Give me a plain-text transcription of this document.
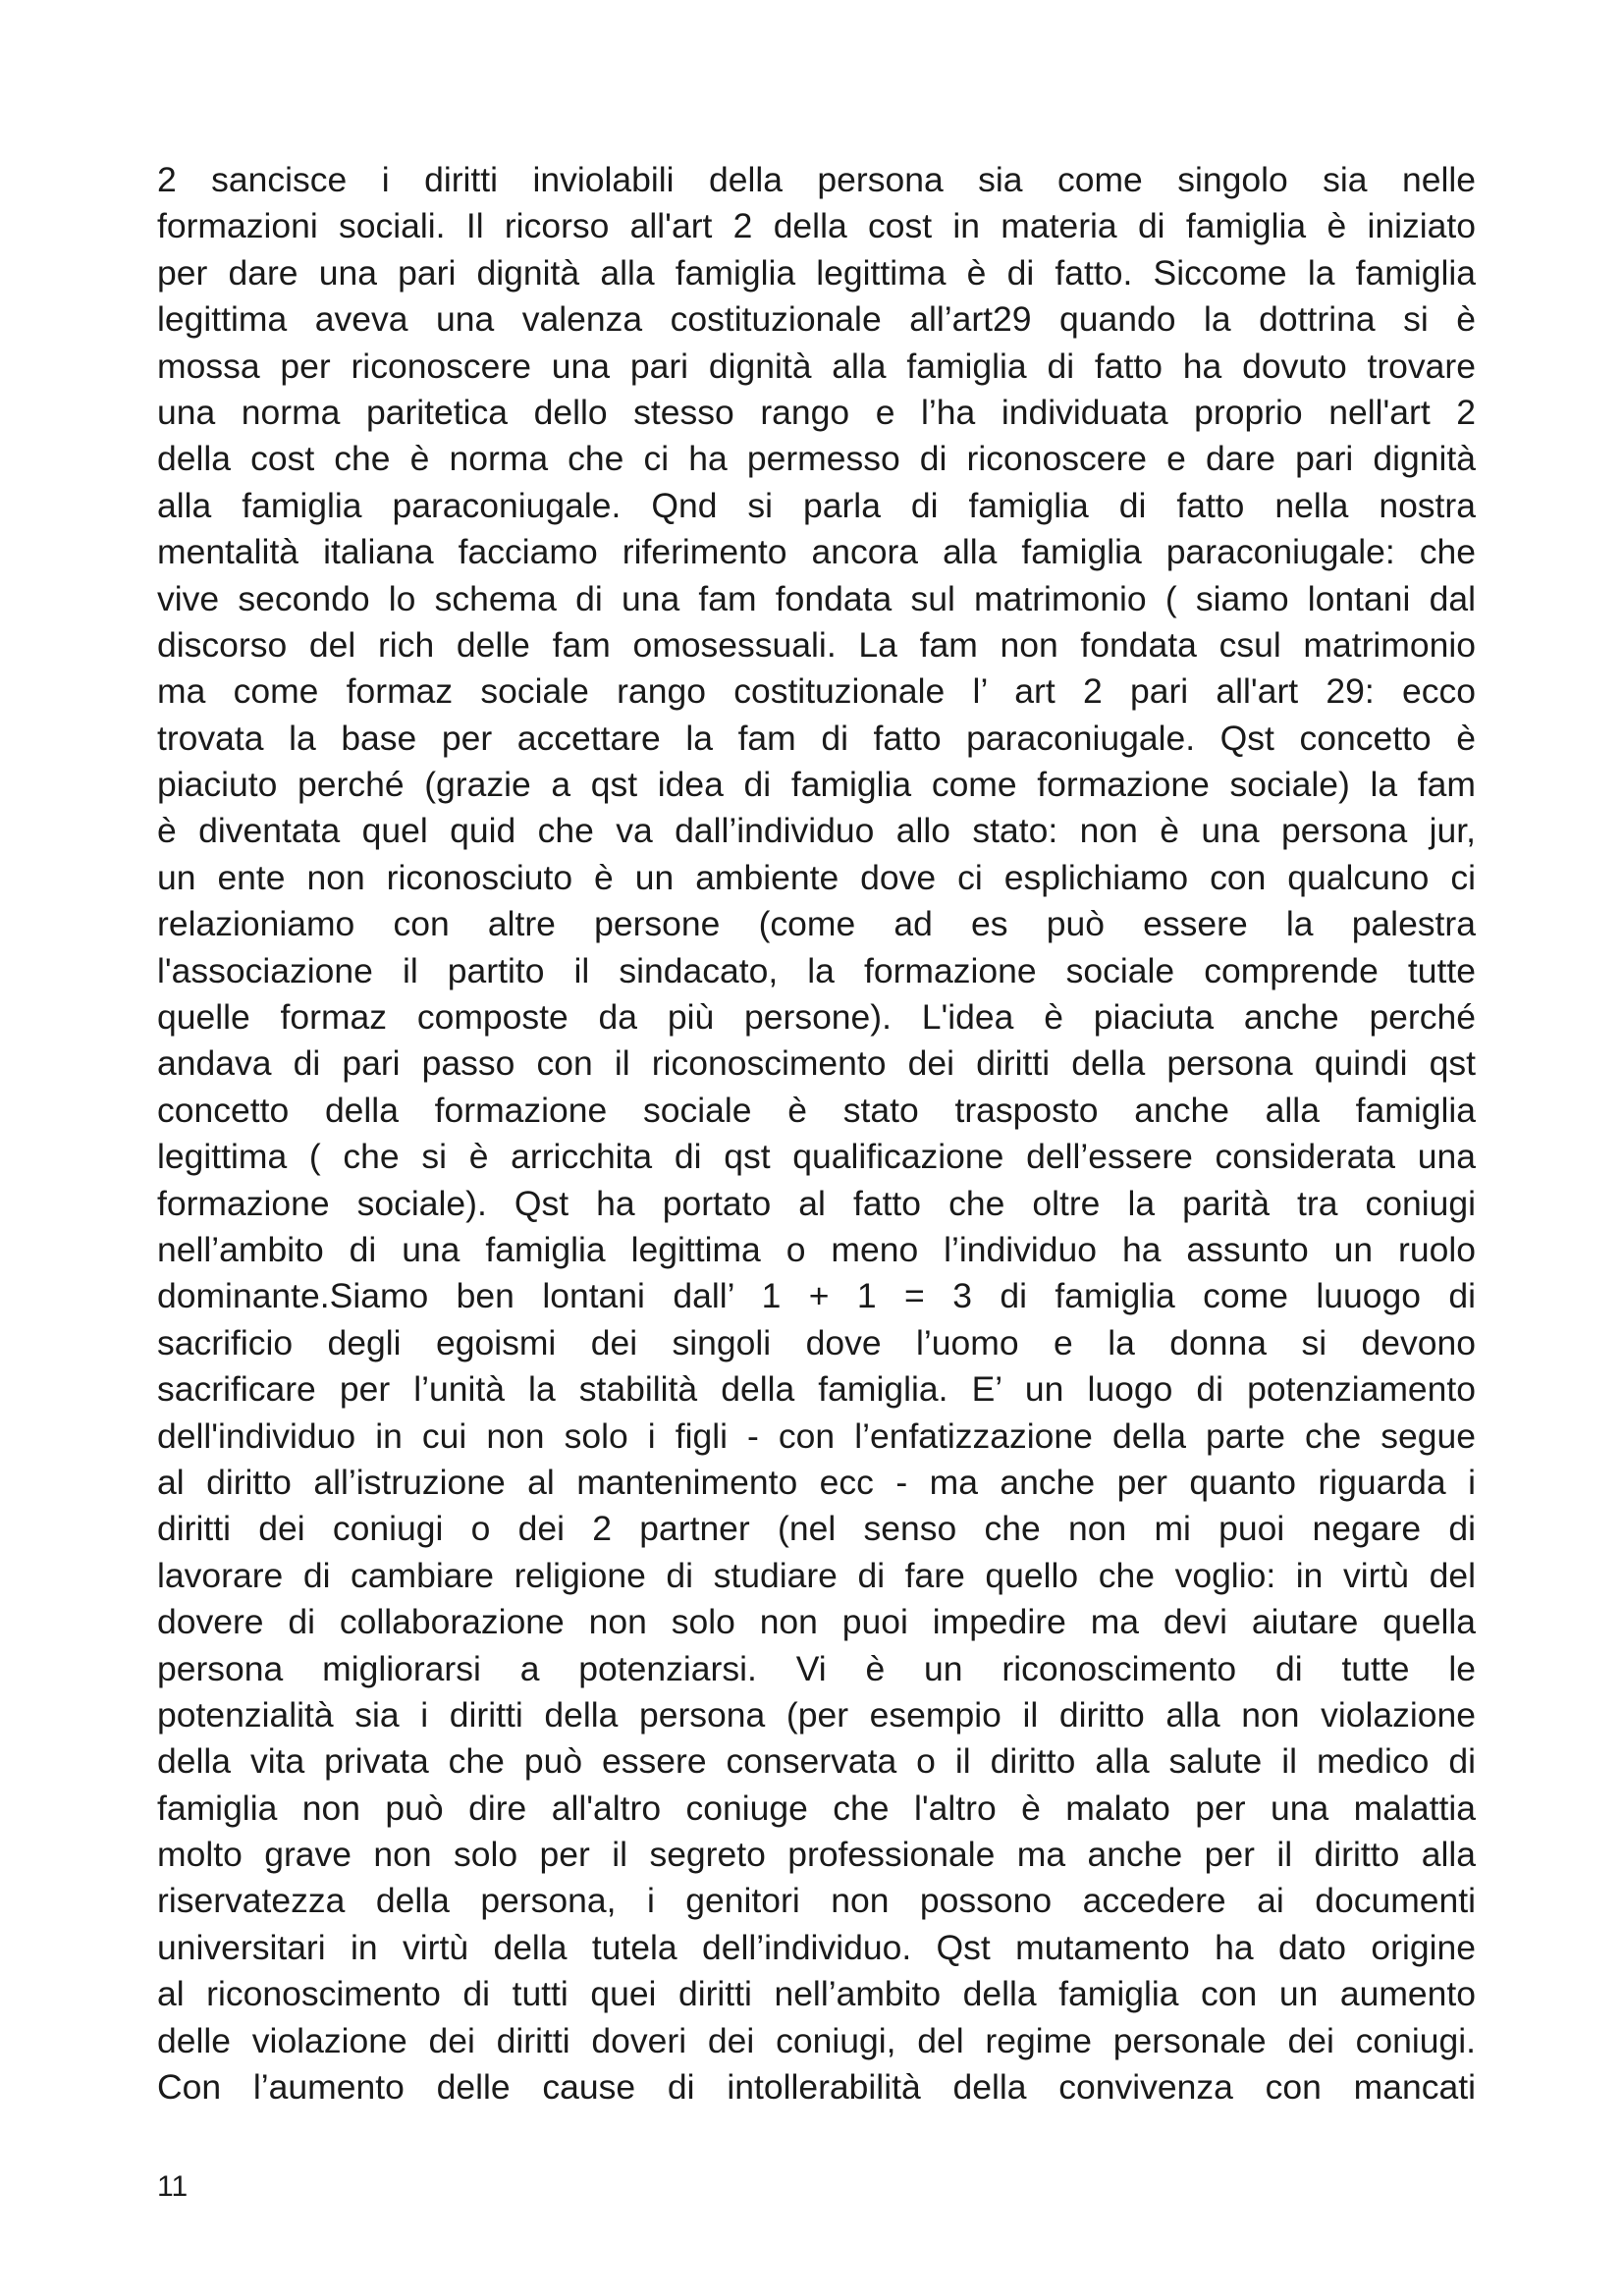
2 sancisce i diritti inviolabili della persona sia come singolo sia nelle
formazioni sociali. Il ricorso all'art 2 della cost in materia di famiglia è iniziato
per dare una pari dignità alla famiglia legittima è di fatto. Siccome la famiglia
legittima aveva una valenza costituzionale all’art29 quando la dottrina si è
mossa per riconoscere una pari dignità alla famiglia di fatto ha dovuto trovare
una norma paritetica dello stesso rango e l’ha individuata proprio nell'art 2
della cost che è norma che ci ha permesso di riconoscere e dare pari dignità
alla famiglia paraconiugale. Qnd si parla di famiglia di fatto nella nostra
mentalità italiana facciamo riferimento ancora alla famiglia paraconiugale: che
vive secondo lo schema di una fam fondata sul matrimonio ( siamo lontani dal
discorso del rich delle fam omosessuali. La fam non fondata csul matrimonio
ma come formaz sociale rango costituzionale l’ art 2 pari all'art 29: ecco
trovata la base per accettare la fam di fatto paraconiugale. Qst concetto è
piaciuto perché (grazie a qst idea di famiglia come formazione sociale) la fam
è diventata quel quid che va dall’individuo allo stato: non è una persona jur,
un ente non riconosciuto è un ambiente dove ci esplichiamo con qualcuno ci
relazioniamo con altre persone (come ad es può essere la palestra
l'associazione il partito il sindacato, la formazione sociale comprende tutte
quelle formaz composte da più persone). L'idea è piaciuta anche perché
andava di pari passo con il riconoscimento dei diritti della persona quindi qst
concetto della formazione sociale è stato trasposto anche alla famiglia
legittima ( che si è arricchita di qst qualificazione dell’essere considerata una
formazione sociale). Qst ha portato al fatto che oltre la parità tra coniugi
nell’ambito di una famiglia legittima o meno l’individuo ha assunto un ruolo
dominante.Siamo ben lontani dall’ 1 + 1 = 3 di famiglia come luuogo di
sacrificio degli egoismi dei singoli dove l’uomo e la donna si devono
sacrificare per l’unità la stabilità della famiglia. E’ un luogo di potenziamento
dell'individuo in cui non solo i figli - con l’enfatizzazione della parte che segue
al diritto all’istruzione al mantenimento ecc - ma anche per quanto riguarda i
diritti dei coniugi o dei 2 partner (nel senso che non mi puoi negare di
lavorare di cambiare religione di studiare di fare quello che voglio: in virtù del
dovere di collaborazione non solo non puoi impedire ma devi aiutare quella
persona migliorarsi a potenziarsi. Vi è un riconoscimento di tutte le
potenzialità sia i diritti della persona (per esempio il diritto alla non violazione
della vita privata che può essere conservata o il diritto alla salute il medico di
famiglia non può dire all'altro coniuge che l'altro è malato per una malattia
molto grave non solo per il segreto professionale ma anche per il diritto alla
riservatezza della persona, i genitori non possono accedere ai documenti
universitari in virtù della tutela dell’individuo. Qst mutamento ha dato origine
al riconoscimento di tutti quei diritti nell’ambito della famiglia con un aumento
delle violazione dei diritti doveri dei coniugi, del regime personale dei coniugi.
Con l’aumento delle cause di intollerabilità della convivenza con mancati

11
